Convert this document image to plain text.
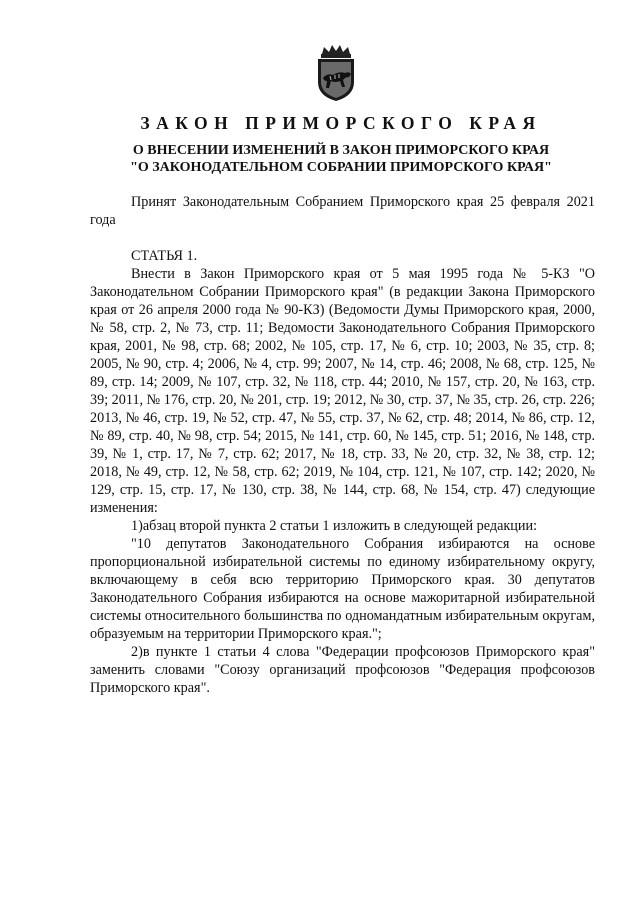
ЗАКОН ПРИМОРСКОГО КРАЯ
О ВНЕСЕНИИ ИЗМЕНЕНИЙ В ЗАКОН ПРИМОРСКОГО КРАЯ
"О ЗАКОНОДАТЕЛЬНОМ СОБРАНИИ ПРИМОРСКОГО КРАЯ"

Принят Законодательным Собранием Приморского края 25 февраля 2021 года

СТАТЬЯ 1.

Внести в Закон Приморского края от 5 мая 1995 года № 5-КЗ "О Законодательном Собрании Приморского края" (в редакции Закона Приморского края от 26 апреля 2000 года № 90-КЗ) (Ведомости Думы Приморского края, 2000, № 58, стр. 2, № 73, стр. 11; Ведомости Законодательного Собрания Приморского края, 2001, № 98, стр. 68; 2002, № 105, стр. 17, № 6, стр. 10; 2003, № 35, стр. 8; 2005, № 90, стр. 4; 2006, № 4, стр. 99; 2007, № 14, стр. 46; 2008, № 68, стр. 125, № 89, стр. 14; 2009, № 107, стр. 32, № 118, стр. 44; 2010, № 157, стр. 20, № 163, стр. 39; 2011, № 176, стр. 20, № 201, стр. 19; 2012, № 30, стр. 37, № 35, стр. 26, стр. 226; 2013, № 46, стр. 19, № 52, стр. 47, № 55, стр. 37, № 62, стр. 48; 2014, № 86, стр. 12, № 89, стр. 40, № 98, стр. 54; 2015, № 141, стр. 60, № 145, стр. 51; 2016, № 148, стр. 39, № 1, стр. 17, № 7, стр. 62; 2017, № 18, стр. 33, № 20, стр. 32, № 38, стр. 12; 2018, № 49, стр. 12, № 58, стр. 62; 2019, № 104, стр. 121, № 107, стр. 142; 2020, № 129, стр. 15, стр. 17, № 130, стр. 38, № 144, стр. 68, № 154, стр. 47) следующие изменения:

1)абзац второй пункта 2 статьи 1 изложить в следующей редакции:

"10 депутатов Законодательного Собрания избираются на основе пропорциональной избирательной системы по единому избирательному округу, включающему в себя всю территорию Приморского края. 30 депутатов Законодательного Собрания избираются на основе мажоритарной избирательной системы относительного большинства по одномандатным избирательным округам, образуемым на территории Приморского края.";

2)в пункте 1 статьи 4 слова "Федерации профсоюзов Приморского края" заменить словами "Союзу организаций профсоюзов "Федерация профсоюзов Приморского края".
